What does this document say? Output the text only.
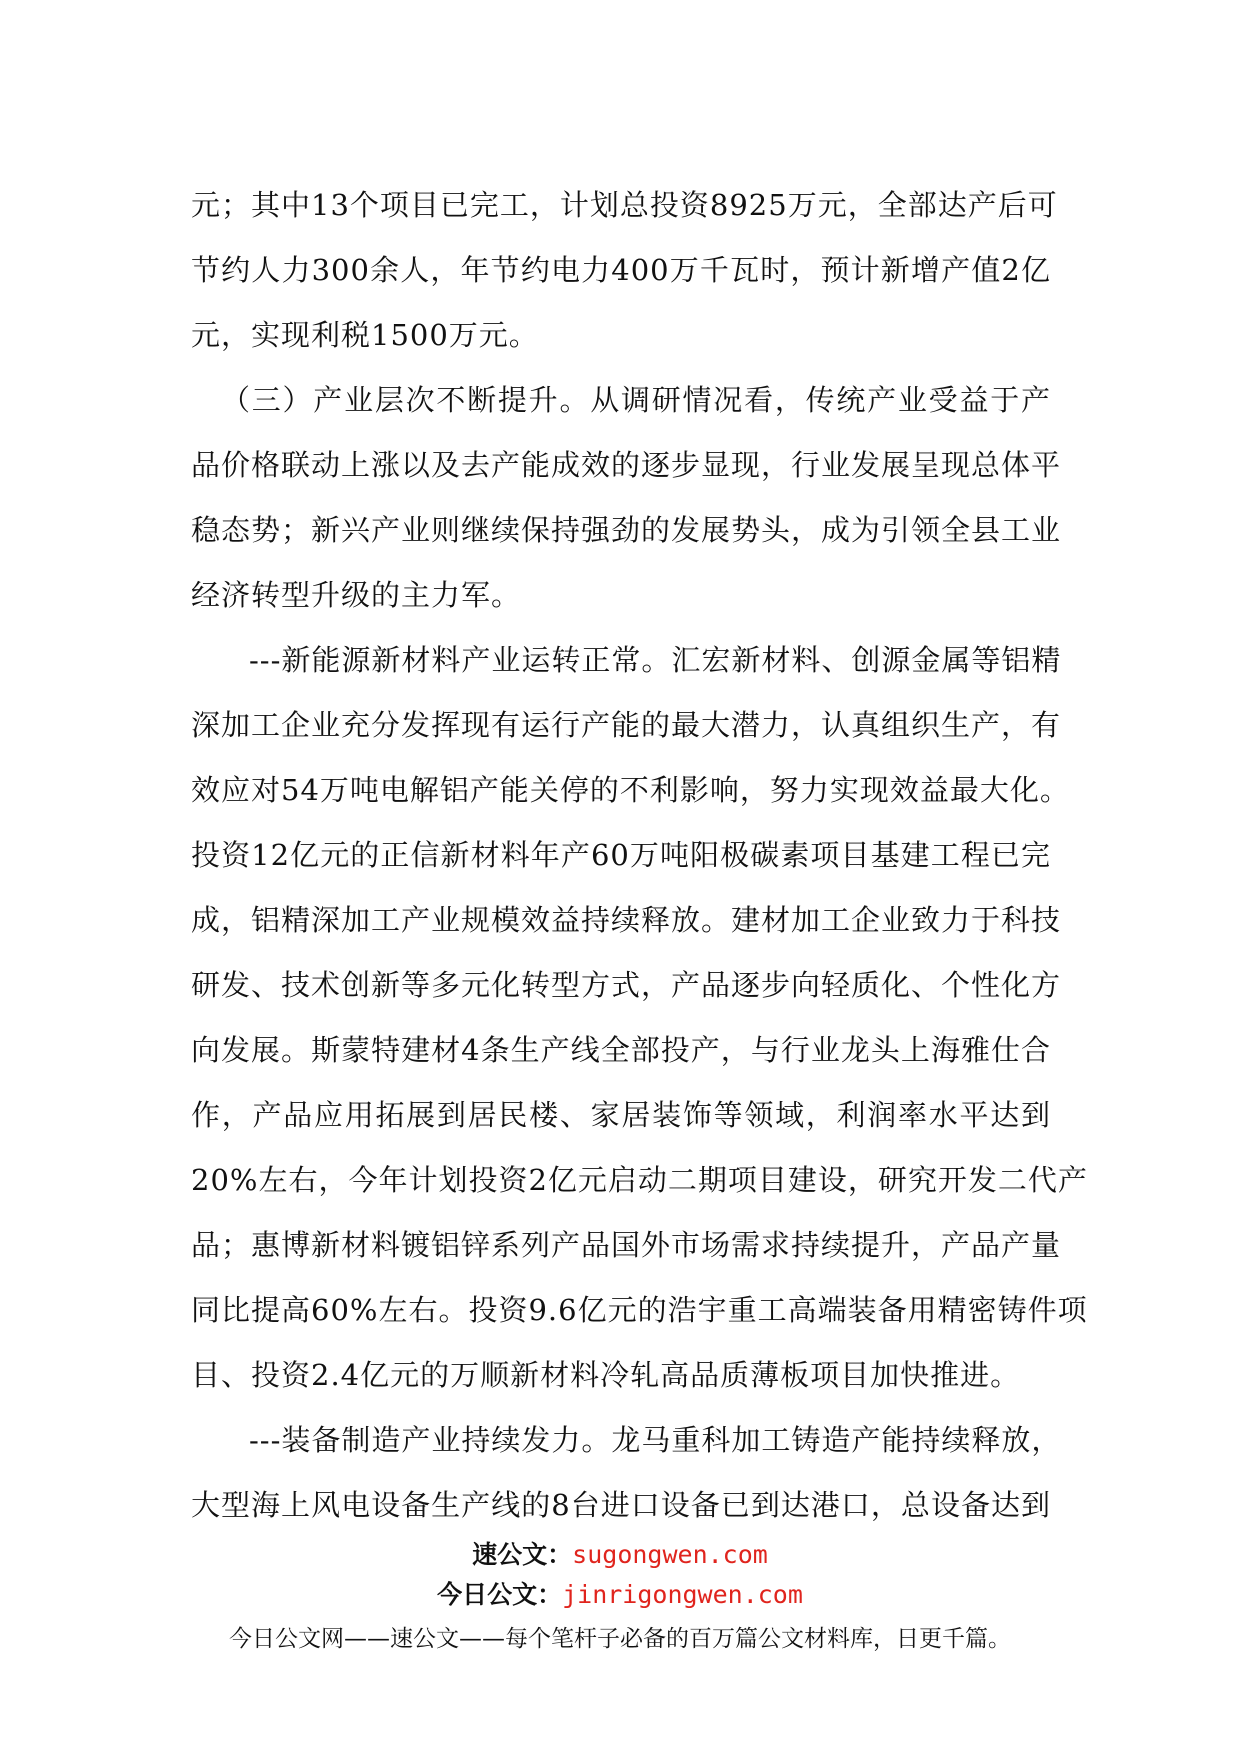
元；其中13个项目已完工，计划总投资8925万元，全部达产后可
节约人力300余人，年节约电力400万千瓦时，预计新增产值2亿
元，实现利税1500万元。
（三）产业层次不断提升。从调研情况看，传统产业受益于产
品价格联动上涨以及去产能成效的逐步显现，行业发展呈现总体平
稳态势；新兴产业则继续保持强劲的发展势头，成为引领全县工业
经济转型升级的主力军。
---新能源新材料产业运转正常。汇宏新材料、创源金属等铝精
深加工企业充分发挥现有运行产能的最大潜力，认真组织生产，有
效应对54万吨电解铝产能关停的不利影响，努力实现效益最大化。
投资12亿元的正信新材料年产60万吨阳极碳素项目基建工程已完
成，铝精深加工产业规模效益持续释放。建材加工企业致力于科技
研发、技术创新等多元化转型方式，产品逐步向轻质化、个性化方
向发展。斯蒙特建材4条生产线全部投产，与行业龙头上海雅仕合
作，产品应用拓展到居民楼、家居装饰等领域，利润率水平达到
20%左右，今年计划投资2亿元启动二期项目建设，研究开发二代产
品；惠博新材料镀铝锌系列产品国外市场需求持续提升，产品产量
同比提高60%左右。投资9.6亿元的浩宇重工高端装备用精密铸件项
目、投资2.4亿元的万顺新材料冷轧高品质薄板项目加快推进。
---装备制造产业持续发力。龙马重科加工铸造产能持续释放，
大型海上风电设备生产线的8台进口设备已到达港口，总设备达到
速公文：sugongwen.com
今日公文：jinrigongwen.com
今日公文网——速公文——每个笔杆子必备的百万篇公文材料库，日更千篇。
